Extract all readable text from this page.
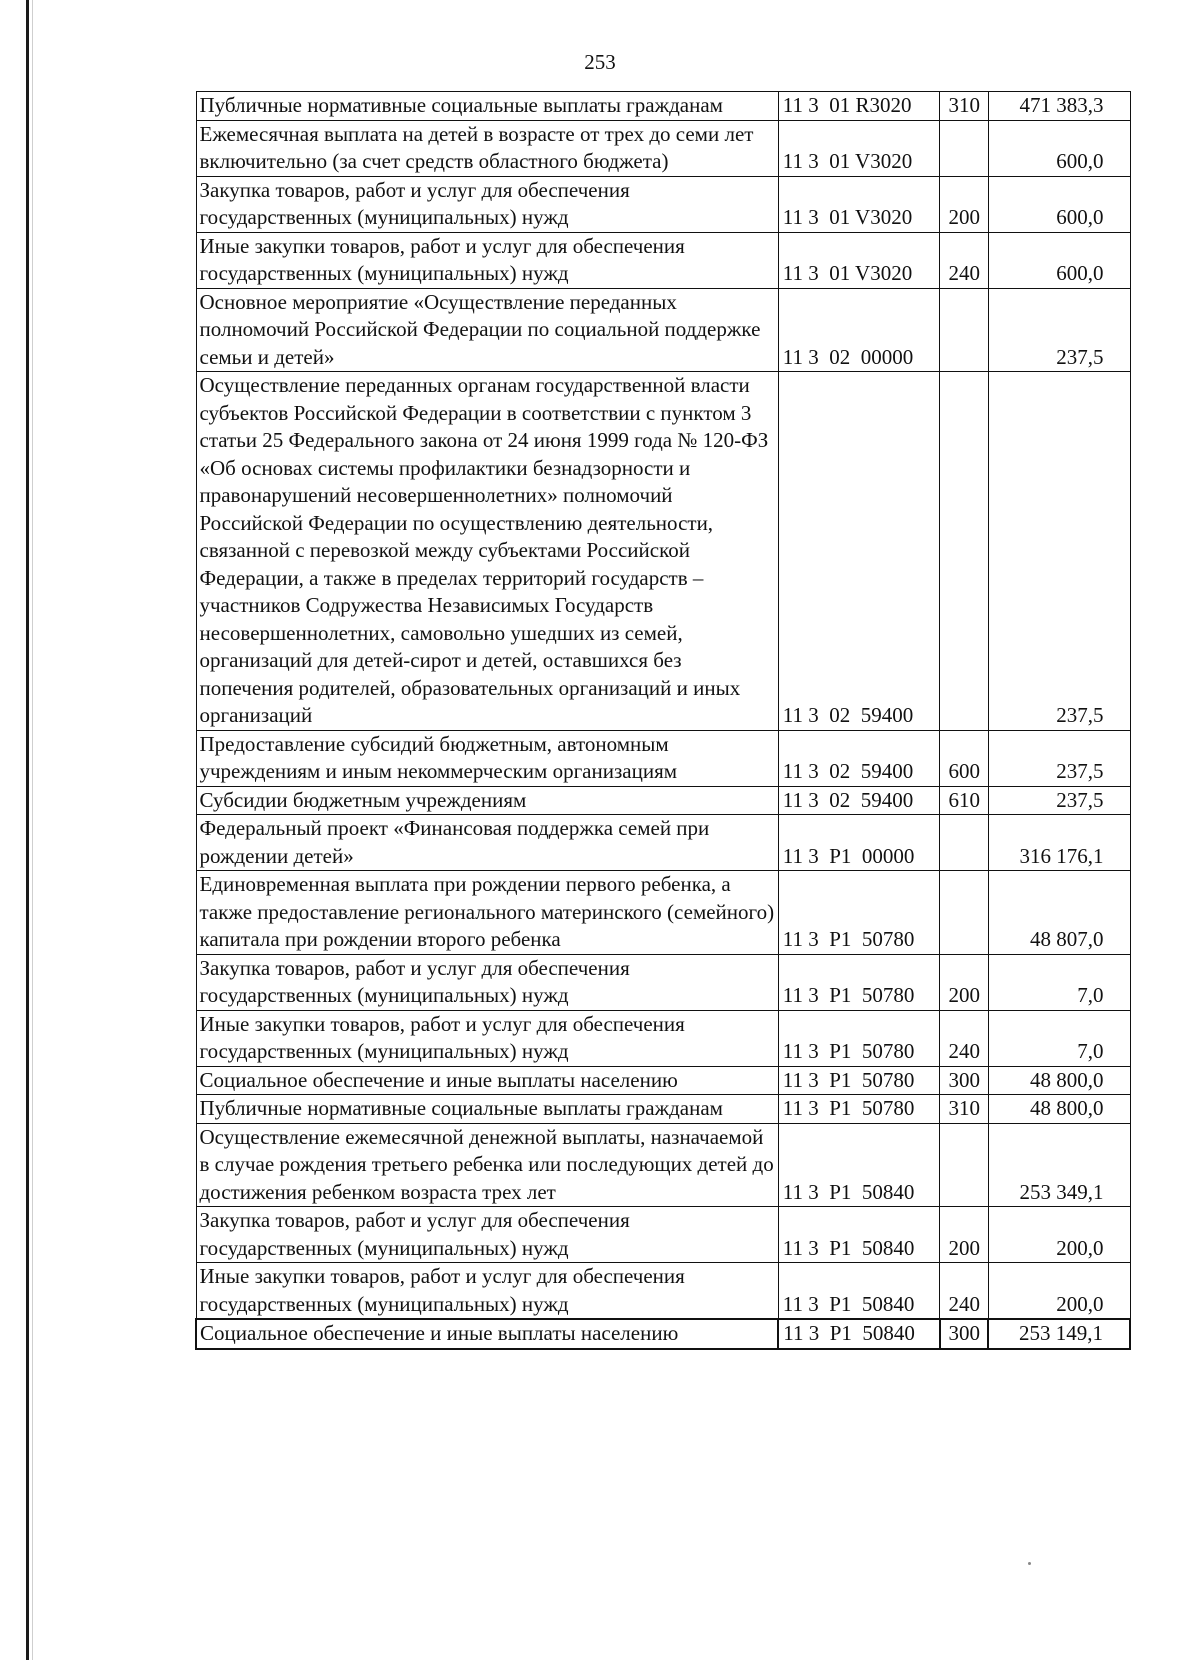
253
Публичные нормативные социальные выплаты гражданам	11 3  01 R3020	310	471 383,3
Ежемесячная выплата на детей в возрасте от трех до семи лет включительно (за счет средств областного бюджета)	11 3  01 V3020		600,0
Закупка товаров, работ и услуг для обеспечения государственных (муниципальных) нужд	11 3  01 V3020	200	600,0
Иные закупки товаров, работ и услуг для обеспечения государственных (муниципальных) нужд	11 3  01 V3020	240	600,0
Основное мероприятие «Осуществление переданных полномочий Российской Федерации по социальной поддержке семьи и детей»	11 3  02  00000		237,5
Осуществление переданных органам государственной власти субъектов Российской Федерации в соответствии с пунктом 3 статьи 25 Федерального закона от 24 июня 1999 года № 120-ФЗ «Об основах системы профилактики безнадзорности и правонарушений несовершеннолетних» полномочий Российской Федерации по осуществлению деятельности, связанной с перевозкой между субъектами Российской Федерации, а также в пределах территорий государств – участников Содружества Независимых Государств несовершеннолетних, самовольно ушедших из семей, организаций для детей-сирот и детей, оставшихся без попечения родителей, образовательных организаций и иных организаций	11 3  02  59400		237,5
Предоставление субсидий бюджетным, автономным учреждениям и иным некоммерческим организациям	11 3  02  59400	600	237,5
Субсидии бюджетным учреждениям	11 3  02  59400	610	237,5
Федеральный проект «Финансовая поддержка семей при рождении детей»	11 3  P1  00000		316 176,1
Единовременная выплата при рождении первого ребенка, а также предоставление регионального материнского (семейного) капитала при рождении второго ребенка	11 3  P1  50780		48 807,0
Закупка товаров, работ и услуг для обеспечения государственных (муниципальных) нужд	11 3  P1  50780	200	7,0
Иные закупки товаров, работ и услуг для обеспечения государственных (муниципальных) нужд	11 3  P1  50780	240	7,0
Социальное обеспечение и иные выплаты населению	11 3  P1  50780	300	48 800,0
Публичные нормативные социальные выплаты гражданам	11 3  P1  50780	310	48 800,0
Осуществление ежемесячной денежной выплаты, назначаемой в случае рождения третьего ребенка или последующих детей до достижения ребенком возраста трех лет	11 3  P1  50840		253 349,1
Закупка товаров, работ и услуг для обеспечения государственных (муниципальных) нужд	11 3  P1  50840	200	200,0
Иные закупки товаров, работ и услуг для обеспечения государственных (муниципальных) нужд	11 3  P1  50840	240	200,0
Социальное обеспечение и иные выплаты населению	11 3  P1  50840	300	253 149,1
